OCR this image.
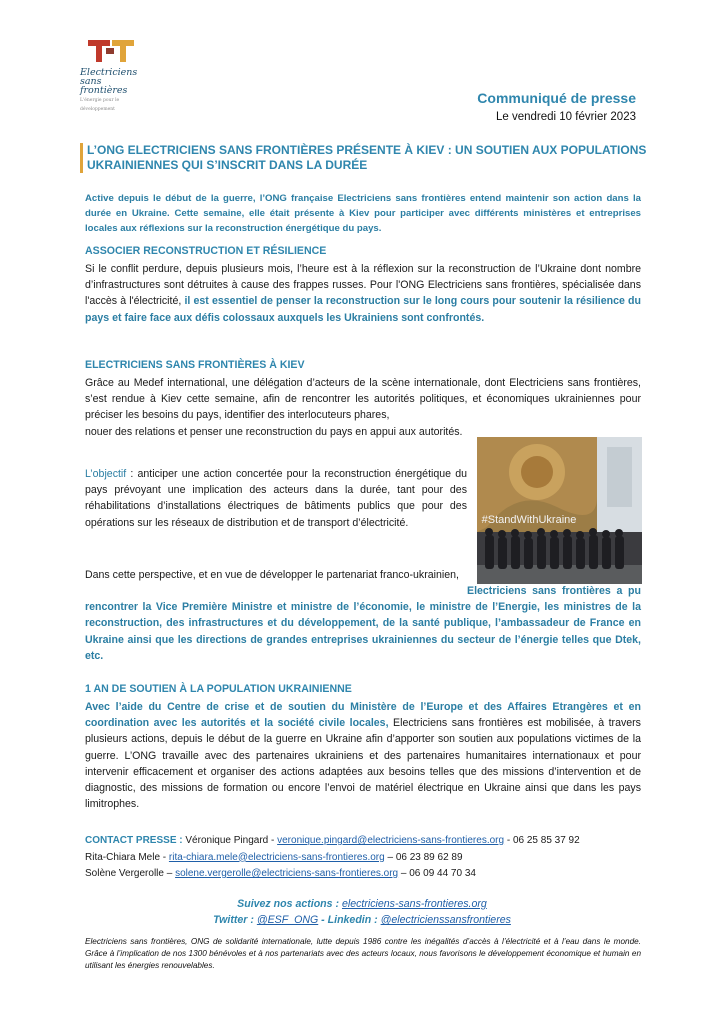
Electriciens
sans frontières
L'énergie pour le développement
Communiqué de presse
Le vendredi 10 février 2023
L’ONG ELECTRICIENS SANS FRONTIÈRES PRÉSENTE À KIEV : UN SOUTIEN AUX POPULATIONS UKRAINIENNES QUI S’INSCRIT DANS LA DURÉE
Active depuis le début de la guerre, l’ONG française Electriciens sans frontières entend maintenir son action dans la durée en Ukraine. Cette semaine, elle était présente à Kiev pour participer avec différents ministères et entreprises locales aux réflexions sur la reconstruction énergétique du pays.
ASSOCIER RECONSTRUCTION ET RÉSILIENCE
Si le conflit perdure, depuis plusieurs mois, l’heure est à la réflexion sur la reconstruction de l’Ukraine dont nombre d’infrastructures sont détruites à cause des frappes russes. Pour l'ONG Electriciens sans frontières, spécialisée dans l'accès à l'électricité, il est essentiel de penser la reconstruction sur le long cours pour soutenir la résilience du pays et faire face aux défis colossaux auxquels les Ukrainiens sont confrontés.
ELECTRICIENS SANS FRONTIÈRES À KIEV
Grâce au Medef international, une délégation d’acteurs de la scène internationale, dont Electriciens sans frontières, s’est rendue à Kiev cette semaine, afin de rencontrer les autorités politiques, et économiques ukrainiennes pour préciser les besoins du pays, identifier des interlocuteurs phares,
nouer des relations et penser une reconstruction du pays en appui aux autorités.
L’objectif : anticiper une action concertée pour la reconstruction énergétique du pays prévoyant une implication des acteurs dans la durée, tant pour des réhabilitations d’installations électriques de bâtiments publics que pour des opérations sur les réseaux de distribution et de transport d’électricité.
Dans cette perspective, et en vue de développer le partenariat franco-ukrainien,
Electriciens sans frontières a pu rencontrer la Vice Première Ministre et ministre de l’économie, le ministre de l’Energie, les ministres de la reconstruction, des infrastructures et du développement, de la santé publique, l’ambassadeur de France en Ukraine ainsi que les directions de grandes entreprises ukrainiennes du secteur de l’énergie telles que Dtek, etc.
#StandWithUkraine
1 AN DE SOUTIEN À LA POPULATION UKRAINIENNE
Avec l’aide du Centre de crise et de soutien du Ministère de l’Europe et des Affaires Etrangères et en coordination avec les autorités et la société civile locales, Electriciens sans frontières est mobilisée, à travers plusieurs actions, depuis le début de la guerre en Ukraine afin d’apporter son soutien aux populations victimes de la guerre. L’ONG travaille avec des partenaires ukrainiens et des partenaires humanitaires internationaux et pour intervenir efficacement et organiser des actions adaptées aux besoins telles que des missions d’intervention et de diagnostic, des missions de formation ou encore l’envoi de matériel électrique en Ukraine ainsi que dans les pays limitrophes.
CONTACT PRESSE : Véronique Pingard - veronique.pingard@electriciens-sans-frontieres.org - 06 25 85 37 92
Rita-Chiara Mele - rita-chiara.mele@electriciens-sans-frontieres.org – 06 23 89 62 89
Solène Vergerolle – solene.vergerolle@electriciens-sans-frontieres.org – 06 09 44 70 34
Suivez nos actions : electriciens-sans-frontieres.org
Twitter : @ESF_ONG - Linkedin : @electricienssansfrontieres
Electriciens sans frontières, ONG de solidarité internationale, lutte depuis 1986 contre les inégalités d’accès à l’électricité et à l’eau dans le monde. Grâce à l’implication de nos 1300 bénévoles et à nos partenariats avec des acteurs locaux, nous favorisons le développement économique et humain en utilisant les énergies renouvelables.
